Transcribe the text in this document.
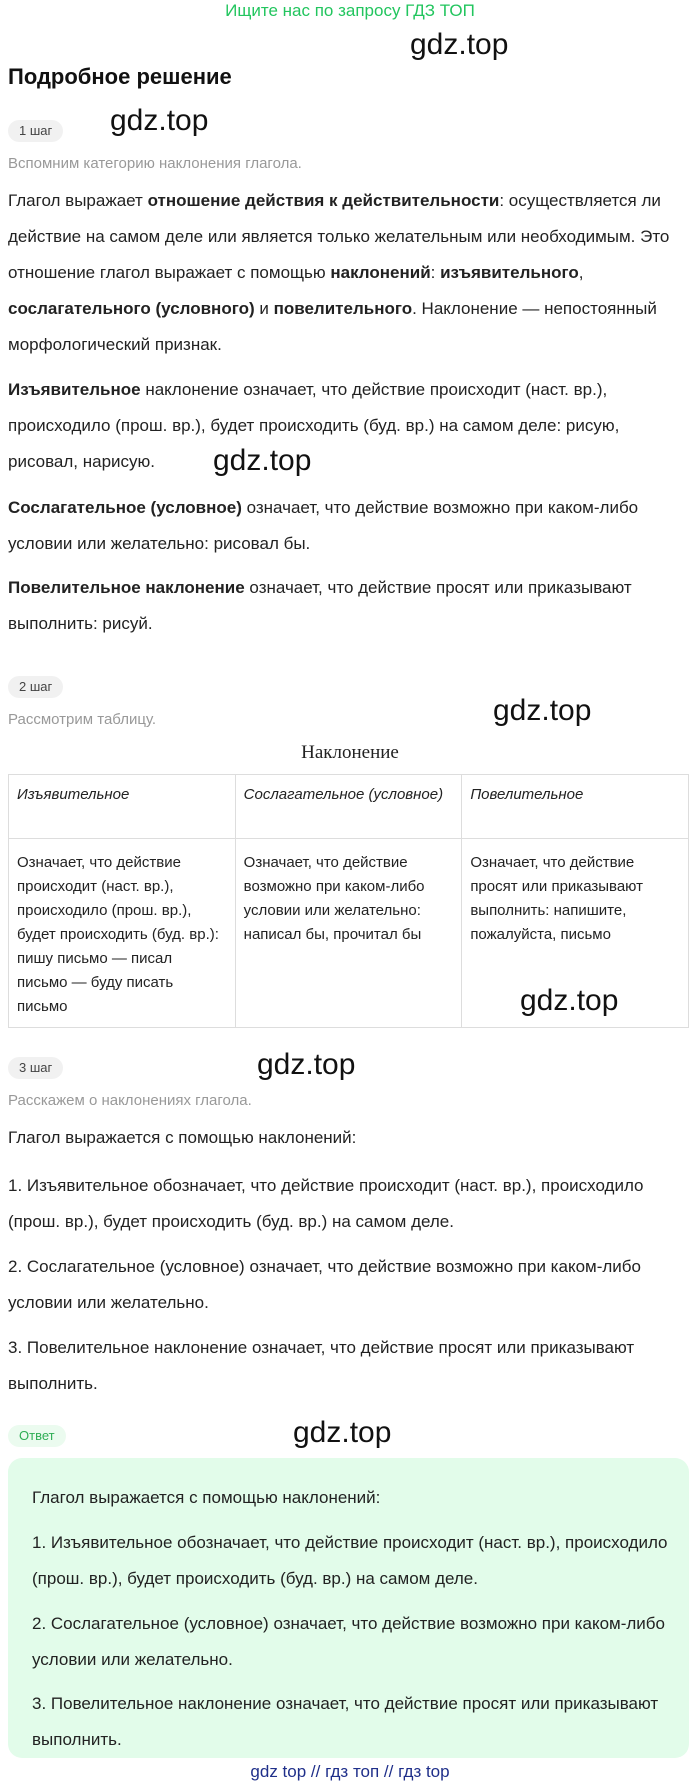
Ищите нас по запросу ГДЗ ТОП
gdz.top
gdz.top
gdz.top
gdz.top
gdz.top
gdz.top
gdz.top
Подробное решение
1 шаг
Вспомним категорию наклонения глагола.
Глагол выражает отношение действия к действительности: осуществляется ли действие на самом деле или является только желательным или необходимым. Это отношение глагол выражает с помощью наклонений: изъявительного, сослагательного (условного) и повелительного. Наклонение — непостоянный морфологический признак.
Изъявительное наклонение означает, что действие происходит (наст. вр.), происходило (прош. вр.), будет происходить (буд. вр.) на самом деле: рисую, рисовал, нарисую.
Сослагательное (условное) означает, что действие возможно при каком-либо условии или желательно: рисовал бы.
Повелительное наклонение означает, что действие просят или приказывают выполнить: рисуй.
2 шаг
Рассмотрим таблицу.
Наклонение
Изъявительное	Сослагательное (условное)	Повелительное
Означает, что действие происходит (наст. вр.), происходило (прош. вр.), будет происходить (буд. вр.): пишу письмо — писал письмо — буду писать письмо	Означает, что действие возможно при каком-либо условии или желательно: написал бы, прочитал бы	Означает, что действие просят или приказывают выполнить: напишите, пожалуйста, письмо
3 шаг
Расскажем о наклонениях глагола.
Глагол выражается с помощью наклонений:
1. Изъявительное обозначает, что действие происходит (наст. вр.), происходило (прош. вр.), будет происходить (буд. вр.) на самом деле.
2. Сослагательное (условное) означает, что действие возможно при каком-либо условии или желательно.
3. Повелительное наклонение означает, что действие просят или приказывают выполнить.
Ответ
Глагол выражается с помощью наклонений:
1. Изъявительное обозначает, что действие происходит (наст. вр.), происходило (прош. вр.), будет происходить (буд. вр.) на самом деле.
2. Сослагательное (условное) означает, что действие возможно при каком-либо условии или желательно.
3. Повелительное наклонение означает, что действие просят или приказывают выполнить.
gdz top // гдз топ // гдз top
